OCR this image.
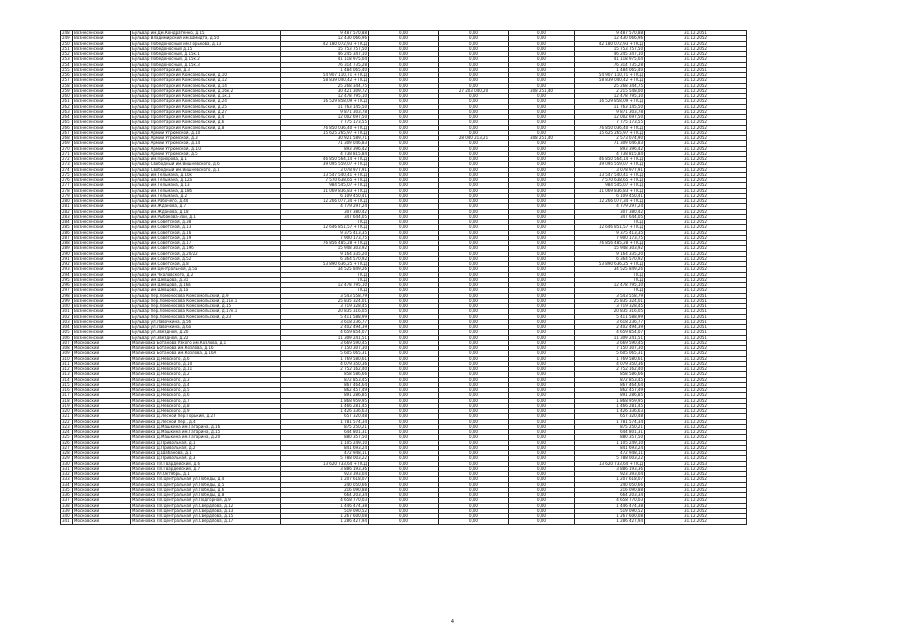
248	Вознесенский	Бульвар им.Дм.Кондратенко, д.15	9 487 570,88	0,00	0,00	0,00	9 487 570,88	31.12.2051
249	Вознесенский	Бульвар Владимирский им.Шмидта, д.50	12 430 066,96	0,00	0,00	0,00	12 430 066,96	31.12.2052
250	Вознесенский	Бульвар Победоносный им.Горькова, д.13	42 180 072,93 + ПСД	0,00	0,00	0,00	42 180 072,93 + ПСД	31.12.2052
251	Вознесенский	Бульвар Победоносный д.15	15 753 757,50	0,00	0,00	0,00	15 753 757,50	31.12.2052
252	Вознесенский	Бульвар Победоносный, д.15к.1	46 245 347,10	0,00	0,00	0,00	46 245 347,10	31.12.2052
253	Вознесенский	Бульвар Победоносный, д.15к.2	41 118 975,04	0,00	0,00	0,00	41 118 975,04	31.12.2052
254	Вознесенский	Бульвар Победоносный, д.15к.3	76 314 735,28	0,00	0,00	0,00	76 314 735,28	31.12.2052
255	Вознесенский	Бульвар Пролетарский, д.3	1 484 065,40	0,00	0,00	0,00	1 484 065,40	31.12.2051
256	Вознесенский	Бульвар Пролетарский Комсомольский, д.10	54 907 110,71 + ПСД	0,00	0,00	0,00	54 907 110,71 + ПСД	31.12.2052
257	Вознесенский	Бульвар Пролетарский Комсомольский, д.12	58 839 040,42 + ПСД	0,00	0,00	0,00	58 839 040,42 + ПСД	31.12.2052
258	Вознесенский	Бульвар Пролетарский Комсомольский, д.14	25 268 344,75	0,00	0,00	0,00	25 268 344,75	31.12.2052
259	Вознесенский	Бульвар Пролетарский Комсомольский, д.16к.2	30 421 309,72	0,00	27 203 040,20	308 251,40	2 215 548,00	31.12.2052
260	Вознесенский	Бульвар Пролетарский Комсомольский, д.1к.1	12 478 795,10	0,00	0,00	0,00	12 478 795,10	31.12.2052
261	Вознесенский	Бульвар Пролетарский Комсомольский, д.24	16 529 858,09 + ПСД	0,00	0,00	0,00	16 529 858,09 + ПСД	31.12.2052
262	Вознесенский	Бульвар Пролетарский Комсомольский, д.25	11 763 145,50	0,00	0,00	0,00	11 763 145,50	31.12.2052
263	Вознесенский	Бульвар Пролетарский Комсомольский, д.27	9 871 303,78	0,00	0,00	0,00	9 871 303,78	31.12.2052
264	Вознесенский	Бульвар Пролетарский Комсомольский, д.4	12 002 697,50	0,00	0,00	0,00	12 002 697,50	31.12.2052
265	Вознесенский	Бульвар Пролетарский Комсомольский, д.6	7 775 173,55	0,00	0,00	0,00	7 775 173,55	31.12.2052
266	Вознесенский	Бульвар Пролетарский Комсомольский, д.8	76 850 036,40 + ПСД	0,00	0,00	0,00	76 850 036,40 + ПСД	31.12.2052
267	Вознесенский	Бульвар Армии Угрюмской, д.10	15 625 265,97 + ПСД	0,00	0,00	0,00	15 625 265,97 + ПСД	31.12.2052
268	Вознесенский	Бульвар Армии Угрюмской, д.3	30 921 589,71	0,00	28 040 213,21	308 251,40	2 573 074,90	31.12.2052
269	Вознесенский	Бульвар Армии Угрюмской, д.14	71 309 046,83	0,00	0,00	0,00	71 309 046,83	31.12.2052
270	Вознесенский	Бульвар Армии Угрюмской, д.1/2	893 396,42	0,00	0,00	0,00	893 396,42	31.12.2052
271	Вознесенский	Бульвар Армии Угрюмской, д.5	4 738 815,84	0,00	0,00	0,00	4 738 815,84	31.12.2052
272	Вознесенский	Бульвар им.Приорова, д.1	46 850 564,14 + ПСД	0,00	0,00	0,00	46 850 564,14 + ПСД	31.12.2052
273	Вознесенский	Бульвар Свободный им.Вишневского, д.6	39 095 559,07 + ПСД	0,00	0,00	0,00	39 095 559,07 + ПСД	31.12.2052
274	Вознесенский	Бульвар Свободный им.Вишневского, д.1	3 078 977,91	0,00	0,00	0,00	3 078 977,91	31.12.2052
275	Вознесенский	Бульвар им.Тельмана, д.10к	13 547 540,41 + ПСД	0,00	0,00	0,00	13 547 540,41 + ПСД	31.12.2052
276	Вознесенский	Бульвар им.Тельмана, д.12а	7 570 638,65 + ПСД	0,00	0,00	0,00	7 570 638,65 + ПСД	31.12.2052
277	Вознесенский	Бульвар им.Тельмана, д.13	984 545,07 + ПСД	0,00	0,00	0,00	984 545,07 + ПСД	31.12.2052
278	Вознесенский	Бульвар им.Тельмана, д.18б	11 069 836,83 + ПСД	0,00	0,00	0,00	11 069 836,83 + ПСД	31.12.2052
279	Вознесенский	Бульвар им.Тельмана, д.2	6 109 450,41	0,00	0,00	0,00	6 109 450,41	31.12.2052
280	Вознесенский	Бульвар им.Рабочего, д.40	12 266 077,34 + ПСД	0,00	0,00	0,00	12 266 077,34 + ПСД	31.12.2052
281	Вознесенский	Бульвар им.Жданова, д.7	4 779 297,24	0,00	0,00	0,00	4 779 297,24	31.12.2052
282	Вознесенский	Бульвар им.Жданова, д.18	307 380,42	0,00	0,00	0,00	307 380,42	31.12.2052
283	Вознесенский	Бульвар им.Рыбакова-Зои, д.1	347 644,05	0,00	0,00	0,00	347 644,05	31.12.2052
284	Вознесенский	Бульвар им.Советской, д.38	ПСД	0,00	0,00	0,00	ПСД	31.12.2052
285	Вознесенский	Бульвар им.Советской, д.13	12 646 851,57 + ПСД	0,00	0,00	0,00	12 646 851,57 + ПСД	31.12.2052
286	Вознесенский	Бульвар им.Советской, д.16	9 375 413,35	0,00	0,00	0,00	9 375 413,35	31.12.2052
287	Вознесенский	Бульвар им.Советской, д.19	7 900 173,75	0,00	0,00	0,00	7 900 173,75	31.12.2052
288	Вознесенский	Бульвар им.Советской, д.17	76 856 485,28 + ПСД	0,00	0,00	0,00	76 856 485,28 + ПСД	31.12.2052
289	Вознесенский	Бульвар им.Советской, д.19б	15 948 303,92	0,00	0,00	0,00	15 948 303,92	31.12.2052
290	Вознесенский	Бульвар им.Советской, д.20/22	9 164 335,20	0,00	0,00	0,00	9 164 335,20	31.12.2052
291	Вознесенский	Бульвар им.Советской, д.52	6 364 570,92	0,00	0,00	0,00	6 364 570,92	31.12.2052
292	Вознесенский	Бульвар им.Советской, д.8	53 890 636,25 + ПСД	0,00	0,00	0,00	53 890 636,25 + ПСД	31.12.2052
293	Вознесенский	Бульвар им.Центральной, д.5а	34 525 849,26	0,00	0,00	0,00	34 525 849,26	31.12.2052
294	Вознесенский	Бульвар им.Чкаловского, д.2	ПСД	0,00	0,00	0,00	ПСД	31.12.2052
295	Вознесенский	Бульвар им.Шевцова, д.31	ПСД	0,00	0,00	0,00	ПСД	31.12.2052
296	Вознесенский	Бульвар им.Шевцова, д.16в	12 478 795,10	0,00	0,00	0,00	12 478 795,10	31.12.2052
297	Вознесенский	Бульвар им.Шевцова, д.1а	ПСД	0,00	0,00	0,00	ПСД	31.12.2052
298	Вознесенский	Бульвар пер.Ломоносова Комсомольский, д.9	3 543 558,79	0,00	0,00	0,00	3 543 558,79	31.12.2051
299	Вознесенский	Бульвар пер.Ломоносова Комсомольский, д.11к.1	25 835 324,01	0,00	0,00	0,00	25 835 324,01	31.12.2051
300	Вознесенский	Бульвар пер.Ломоносова Комсомольский, д.15	3 719 328,45	0,00	0,00	0,00	3 719 328,45	31.12.2051
301	Вознесенский	Бульвар пер.Ломоносова Комсомольский, д.17к.1	20 835 316,05	0,00	0,00	0,00	20 835 316,05	31.12.2051
302	Вознесенский	Бульвар пер.Ломоносова Комсомольский, д.23	5 411 588,99	0,00	0,00	0,00	5 411 588,99	31.12.2051
303	Вознесенский	Бульвар ул.Лавочкина, д.5б	3 618 236,77	0,00	0,00	0,00	3 618 236,77	31.12.2051
304	Вознесенский	Бульвар ул.Лавочкина, д.6а	2 402 494,39	0,00	0,00	0,00	2 402 494,39	31.12.2051
305	Вознесенский	Бульвар ул.Звездной, д.20	4 659 854,07	0,00	0,00	0,00	4 659 854,07	31.12.2051
306	Вознесенский	Бульвар ул.Звездной, д.22	11 309 241,51	0,00	0,00	0,00	11 309 241,51	31.12.2051
307	Московский	Малиновка Ботанова Узкого им.Козлова, д.1	3 669 590,45	0,00	0,00	0,00	3 669 590,45	31.12.2052
308	Московский	Малиновка Ботанова им.Козлова, д.16	7 150 307,30	0,00	0,00	0,00	7 150 307,30	31.12.2052
309	Московский	Малиновка Ботанова им.Козлова, д.16А	5 605 065,31	0,00	0,00	0,00	5 605 065,31	31.12.2052
310	Московский	Малиновка Д.Невского, д.6	1 769 580,61	0,00	0,00	0,00	1 769 580,61	31.12.2052
311	Московский	Малиновка Д.Невского, д.10	4 079 350,36	0,00	0,00	0,00	4 079 350,36	31.12.2052
312	Московский	Малиновка Д.Невского, д.11	2 752 162,40	0,00	0,00	0,00	2 752 162,40	31.12.2052
313	Московский	Малиновка Д.Невского, д.2	858 586,66	0,00	0,00	0,00	858 586,66	31.12.2052
314	Московский	Малиновка Д.Невского, д.3	872 853,45	0,00	0,00	0,00	872 853,45	31.12.2052
315	Московский	Малиновка Д.Невского, д.4	867 464,64	0,00	0,00	0,00	867 464,64	31.12.2052
316	Московский	Малиновка Д.Невского, д.5	862 457,49	0,00	0,00	0,00	862 457,49	31.12.2052
317	Московский	Малиновка Д.Невского, д.6	891 286,85	0,00	0,00	0,00	891 286,85	31.12.2052
318	Московский	Малиновка Д.Невского, д.7	1 868 959,95	0,00	0,00	0,00	1 868 959,95	31.12.2052
319	Московский	Малиновка Д.Невского, д.8	1 466 281,45	0,00	0,00	0,00	1 466 281,45	31.12.2052
320	Московский	Малиновка Д.Невского, д.9	1 426 336,63	0,00	0,00	0,00	1 426 336,63	31.12.2052
321	Московский	Малиновка Д.Лесной пер.Горький, д.27	657 320,48	0,00	0,00	0,00	657 320,48	31.12.2052
322	Московский	Малиновка Д.Лесной пер., д.4	1 781 574,34	0,00	0,00	0,00	1 781 574,34	31.12.2052
323	Московский	Малиновка Д.Машкина им.Гагарина, д.16	875 250,21	0,00	0,00	0,00	875 250,21	31.12.2052
324	Московский	Малиновка Д.Машкина им.Гагарина, д.15	644 801,31	0,00	0,00	0,00	644 801,31	31.12.2052
325	Московский	Малиновка Д.Машкина им.Гагарина, д.20	880 357,50	0,00	0,00	0,00	880 357,50	31.12.2052
326	Московский	Малиновка Д.Привольная, д.1	1 105 249,10	0,00	0,00	0,00	1 105 249,10	31.12.2052
327	Московский	Малиновка Д.Привольная, д.2	841 693,24	0,00	0,00	0,00	841 693,24	31.12.2052
328	Московский	Малиновка Д.Шабанова, д.1	472 948,11	0,00	0,00	0,00	472 948,11	31.12.2052
329	Московский	Малиновка Д.Привольная, д.3	5 788 003,22	0,00	0,00	0,00	5 788 003,22	31.12.2052
330	Московский	Малиновка Пл.Гвардейский, д.6	13 620 733,64 + ПСД	0,00	0,00	0,00	13 620 733,64 + ПСД	31.12.2053
331	Московский	Малиновка Пл.Гвардейский, д.7	3 886 193,36	0,00	0,00	0,00	3 886 193,36	31.12.2052
332	Московский	Малиновка Ул.Октябрь, д.1	923 393,04	0,00	0,00	0,00	923 393,04	31.12.2052
333	Московский	Малиновка Пл.Центральная ул.Победы, д.4	1 207 618,07	0,00	0,00	0,00	1 207 618,07	31.12.2052
334	Московский	Малиновка Пл.Центральная ул.Победы, д.5	240 050,66	0,00	0,00	0,00	240 050,66	31.12.2052
335	Московский	Малиновка Пл.Центральная ул.Победы, д.6	216 090,88	0,00	0,00	0,00	216 090,88	31.12.2052
336	Московский	Малиновка Пл.Центральная ул.Победы, д.8	664 203,34	0,00	0,00	0,00	664 203,34	31.12.2052
337	Московский	Малиновка Пл.Центральная ул.Подгорная, д.9	4 658 770,03	0,00	0,00	0,00	4 658 770,03	31.12.2052
338	Московский	Малиновка Пл.Центральная ул.Свердлова, д.12	1 446 474,38	0,00	0,00	0,00	1 446 474,38	31.12.2052
339	Московский	Малиновка Пл.Центральная ул.Свердлова, д.13	519 090,52	0,00	0,00	0,00	519 090,52	31.12.2052
340	Московский	Малиновка Пл.Центральная ул.Свердлова, д.15	1 267 600,08	0,00	0,00	0,00	1 267 600,08	31.12.2052
341	Московский	Малиновка Пл.Центральная ул.Свердлова, д.17	1 286 427,94	0,00	0,00	0,00	1 286 427,94	31.12.2052
4
